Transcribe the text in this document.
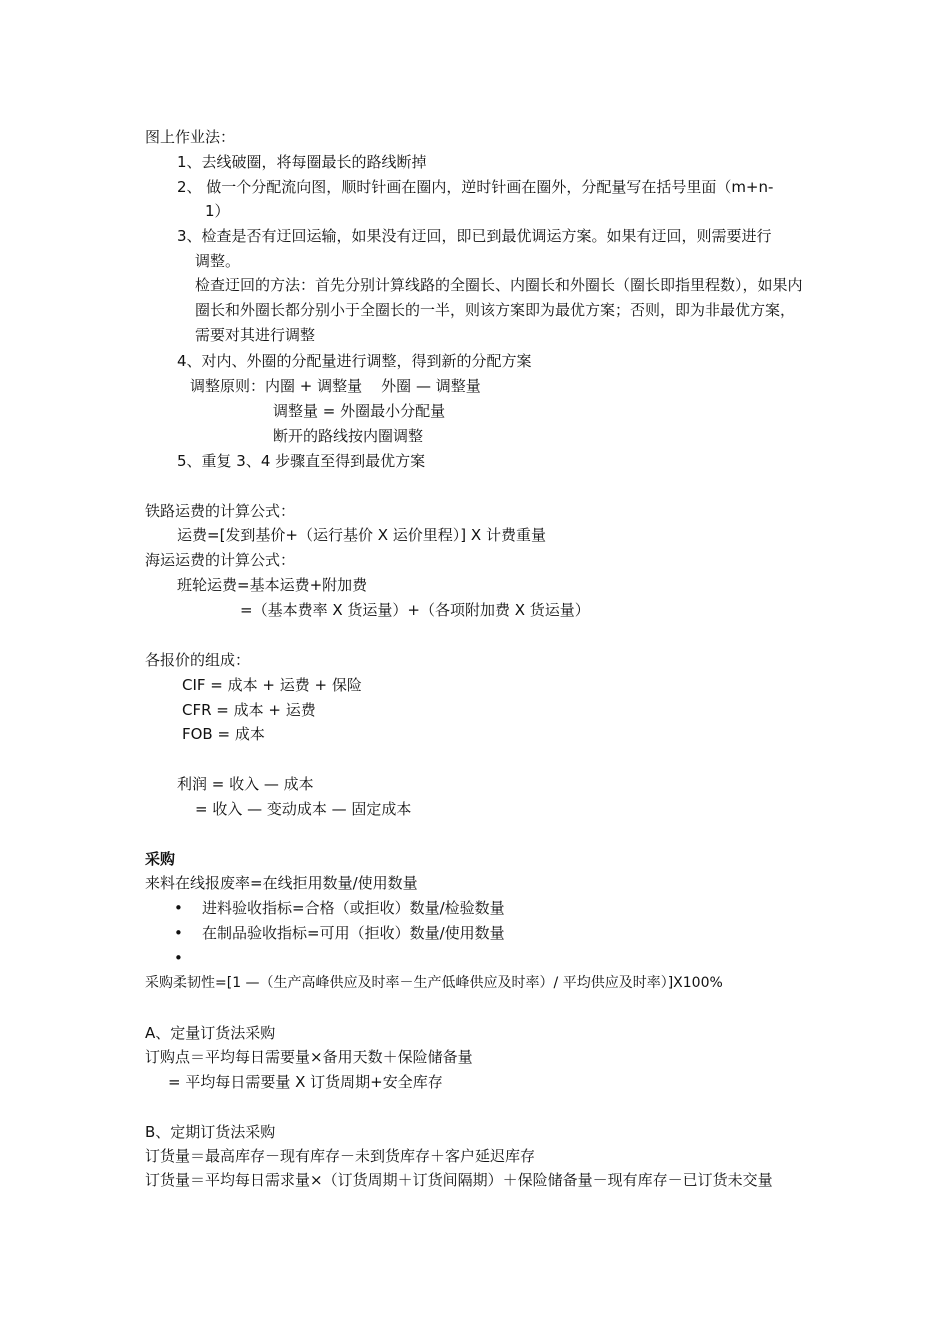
图上作业法：
1、去线破圈，将每圈最长的路线断掉
2、 做一个分配流向图，顺时针画在圈内，逆时针画在圈外，分配量写在括号里面（m+n-
1）
3、检查是否有迂回运输，如果没有迂回，即已到最优调运方案。如果有迂回，则需要进行
调整。
检查迂回的方法：首先分别计算线路的全圈长、内圈长和外圈长（圈长即指里程数），如果内圈长和外圈长都分别小于全圈长的一半，则该方案即为最优方案；否则，即为非最优方案，需要对其进行调整
4、对内、外圈的分配量进行调整，得到新的分配方案
调整原则：内圈 + 调整量    外圈 — 调整量
调整量 = 外圈最小分配量
断开的路线按内圈调整
5、重复 3、4 步骤直至得到最优方案
铁路运费的计算公式：
运费=[发到基价+（运行基价 X 运价里程）] X 计费重量
海运运费的计算公式：
班轮运费=基本运费+附加费
=（基本费率 X 货运量）+（各项附加费 X 货运量）
各报价的组成：
CIF = 成本 + 运费 + 保险
CFR = 成本 + 运费
FOB = 成本
利润 = 收入 — 成本
= 收入 — 变动成本 — 固定成本
采购
来料在线报废率=在线拒用数量/使用数量
• 进料验收指标=合格（或拒收）数量/检验数量
• 在制品验收指标=可用（拒收）数量/使用数量
•
采购柔韧性=[1 —（生产高峰供应及时率－生产低峰供应及时率）/ 平均供应及时率）]X100%
A、定量订货法采购
订购点＝平均每日需要量×备用天数＋保险储备量
= 平均每日需要量 X 订货周期+安全库存
B、定期订货法采购
订货量＝最高库存－现有库存－未到货库存＋客户延迟库存
订货量＝平均每日需求量×（订货周期＋订货间隔期）＋保险储备量－现有库存－已订货未交量
